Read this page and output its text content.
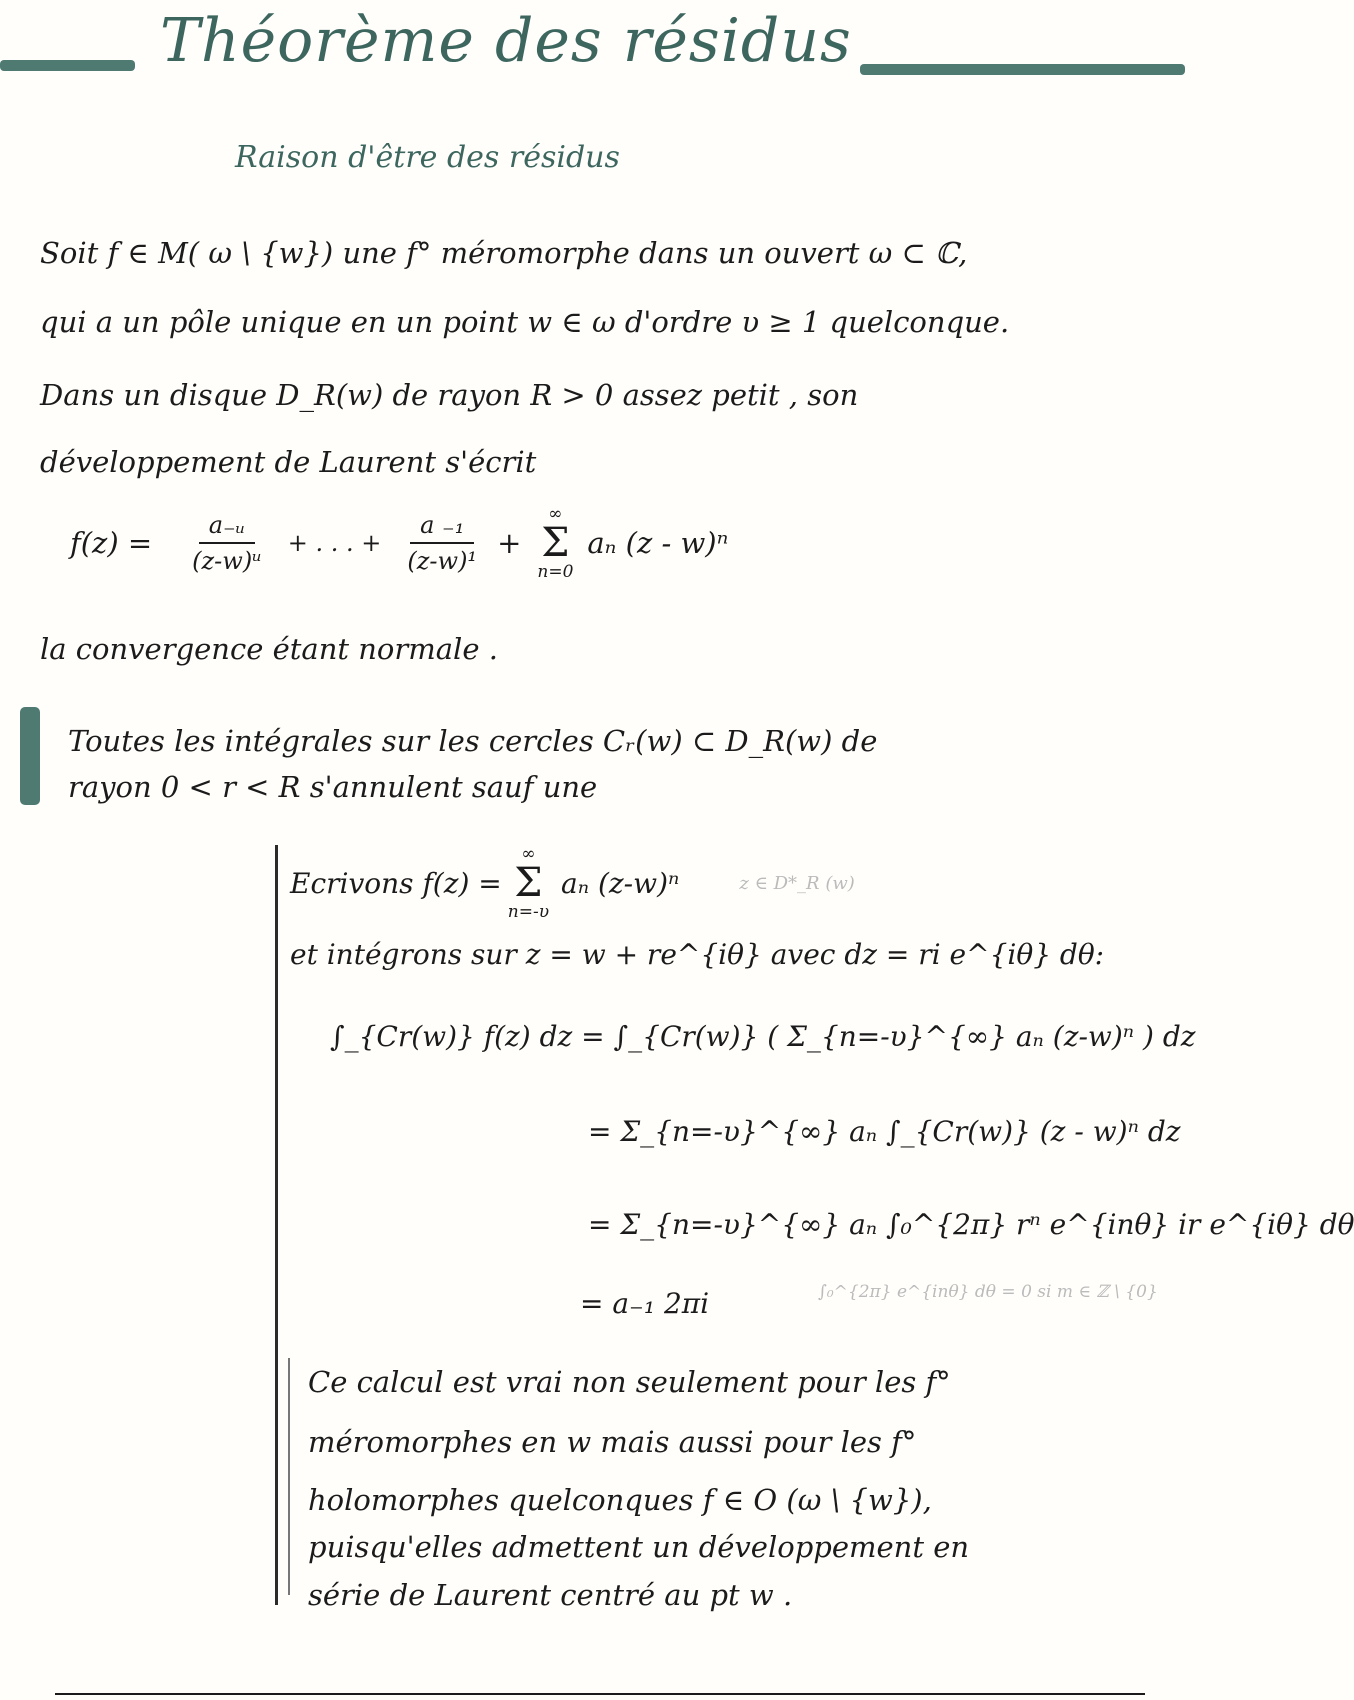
Théorème des résidus
Raison d'être des résidus
Soit f ∈ M( ω \ {w}) une f° méromorphe dans un ouvert ω ⊂ ℂ,
qui a un pôle unique en un point w ∈ ω d'ordre υ ≥ 1 quelconque.
Dans un disque D_R(w) de rayon R > 0 assez petit , son
développement de Laurent s'écrit
$f(z) = \frac{\text{a₋ᵤ}}{\text{(z-w)ᵘ}}$ + . . . + $\frac{\text{a ₋₁}}{\text{(z-w)¹}}$ +
∞
Σ
n=0
aₙ (z - w)ⁿ
la convergence étant normale .
Toutes les intégrales sur les cercles Cᵣ(w) ⊂ D_R(w) de
rayon 0 < r < R s'annulent sauf une
Ecrivons f(z) =
∞
Σ
n=-υ
aₙ (z-w)ⁿ	z ∈ D*_R (w)
et intégrons sur z = w + re^{iθ} avec dz = ri e^{iθ} dθ:
∫_{Cr(w)} f(z) dz = ∫_{Cr(w)} ( Σ_{n=-υ}^{∞} aₙ (z-w)ⁿ ) dz
= Σ_{n=-υ}^{∞} aₙ ∫_{Cr(w)} (z - w)ⁿ dz
= Σ_{n=-υ}^{∞} aₙ ∫₀^{2π} rⁿ e^{inθ} ir e^{iθ} dθ
= a₋₁ 2πi	∫₀^{2π} e^{inθ} dθ = 0 si m ∈ ℤ \ {0}
Ce calcul est vrai non seulement pour les f°
méromorphes en w mais aussi pour les f°
holomorphes quelconques f ∈ O (ω \ {w}),
puisqu'elles admettent un développement en
série de Laurent centré au pt w .
